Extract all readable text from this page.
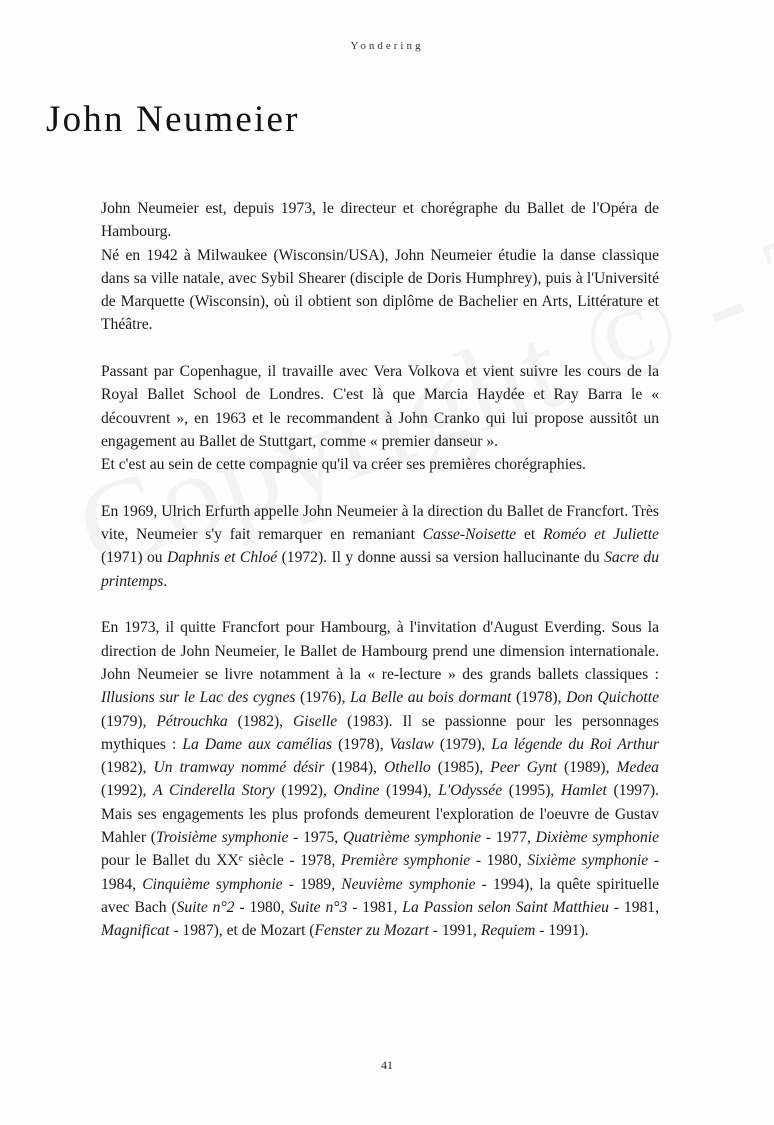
Yondering
John Neumeier

John Neumeier est, depuis 1973, le directeur et chorégraphe du Ballet de l'Opéra de Hambourg.

Né en 1942 à Milwaukee (Wisconsin/USA), John Neumeier étudie la danse classique dans sa ville natale, avec Sybil Shearer (disciple de Doris Humphrey), puis à l'Université de Marquette (Wisconsin), où il obtient son diplôme de Bachelier en Arts, Littérature et Théâtre.

Passant par Copenhague, il travaille avec Vera Volkova et vient suivre les cours de la Royal Ballet School de Londres. C'est là que Marcia Haydée et Ray Barra le « découvrent », en 1963 et le recommandent à John Cranko qui lui propose aussitôt un engagement au Ballet de Stuttgart, comme « premier danseur ».

Et c'est au sein de cette compagnie qu'il va créer ses premières chorégraphies.

En 1969, Ulrich Erfurth appelle John Neumeier à la direction du Ballet de Francfort. Très vite, Neumeier s'y fait remarquer en remaniant Casse-Noisette et Roméo et Juliette (1971) ou Daphnis et Chloé (1972). Il y donne aussi sa version hallucinante du Sacre du printemps.

En 1973, il quitte Francfort pour Hambourg, à l'invitation d'August Everding. Sous la direction de John Neumeier, le Ballet de Hambourg prend une dimension internationale. John Neumeier se livre notamment à la « re-lecture » des grands ballets classiques : Illusions sur le Lac des cygnes (1976), La Belle au bois dormant (1978), Don Quichotte (1979), Pétrouchka (1982), Giselle (1983). Il se passionne pour les personnages mythiques : La Dame aux camélias (1978), Vaslaw (1979), La légende du Roi Arthur (1982), Un tramway nommé désir (1984), Othello (1985), Peer Gynt (1989), Medea (1992), A Cinderella Story (1992), Ondine (1994), L'Odyssée (1995), Hamlet (1997). Mais ses engagements les plus profonds demeurent l'exploration de l'oeuvre de Gustav Mahler (Troisième symphonie - 1975, Quatrième symphonie - 1977, Dixième symphonie pour le Ballet du XXᵉ siècle - 1978, Première symphonie - 1980, Sixième symphonie - 1984, Cinquième symphonie - 1989, Neuvième symphonie - 1994), la quête spirituelle avec Bach (Suite n°2 - 1980, Suite n°3 - 1981, La Passion selon Saint Matthieu - 1981, Magnificat - 1987), et de Mozart (Fenster zu Mozart - 1991, Requiem - 1991).

41
